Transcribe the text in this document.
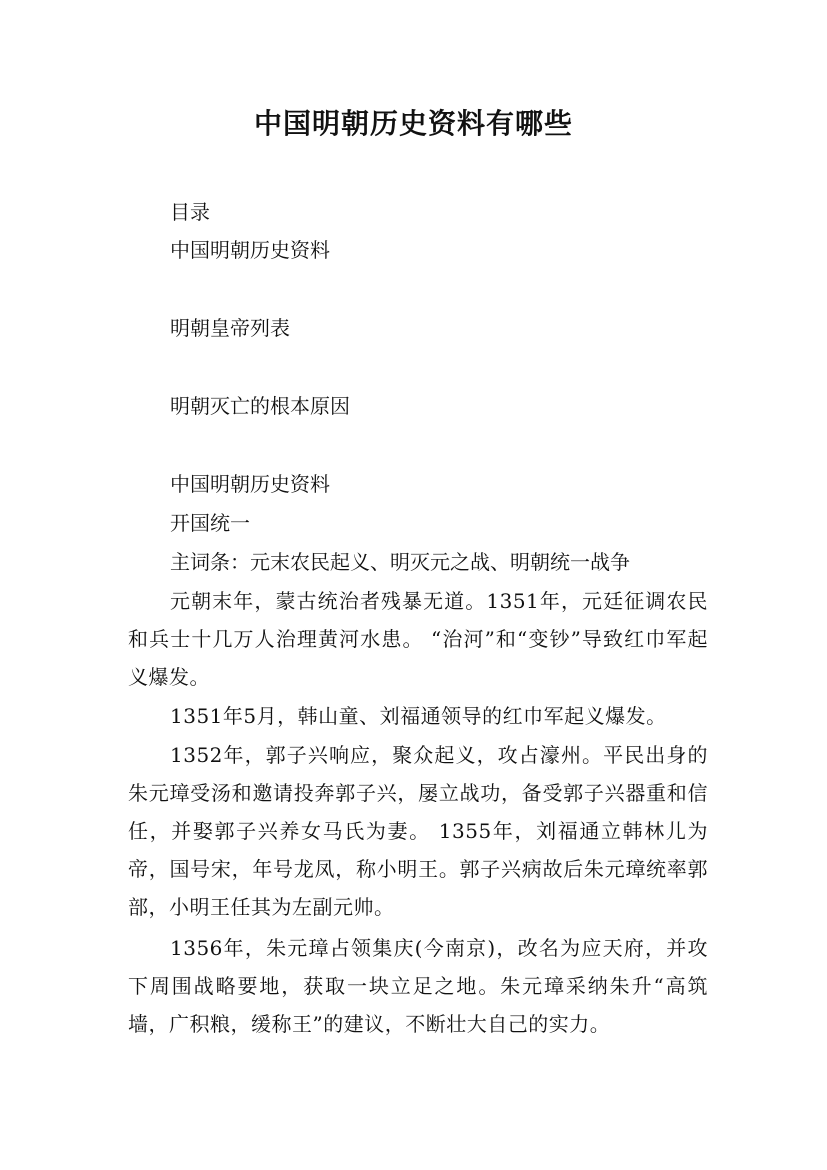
中国明朝历史资料有哪些
目录
中国明朝历史资料
明朝皇帝列表
明朝灭亡的根本原因
中国明朝历史资料
开国统一
主词条：元末农民起义、明灭元之战、明朝统一战争
元朝末年，蒙古统治者残暴无道。1351年，元廷征调农民和兵士十几万人治理黄河水患。 “治河”和“变钞”导致红巾军起义爆发。
1351年5月，韩山童、刘福通领导的红巾军起义爆发。
1352年，郭子兴响应，聚众起义，攻占濠州。平民出身的朱元璋受汤和邀请投奔郭子兴，屡立战功，备受郭子兴器重和信任，并娶郭子兴养女马氏为妻。 1355年，刘福通立韩林儿为帝，国号宋，年号龙凤，称小明王。郭子兴病故后朱元璋统率郭部，小明王任其为左副元帅。
1356年，朱元璋占领集庆(今南京)，改名为应天府，并攻下周围战略要地，获取一块立足之地。朱元璋采纳朱升“高筑墙，广积粮，缓称王”的建议，不断壮大自己的实力。
